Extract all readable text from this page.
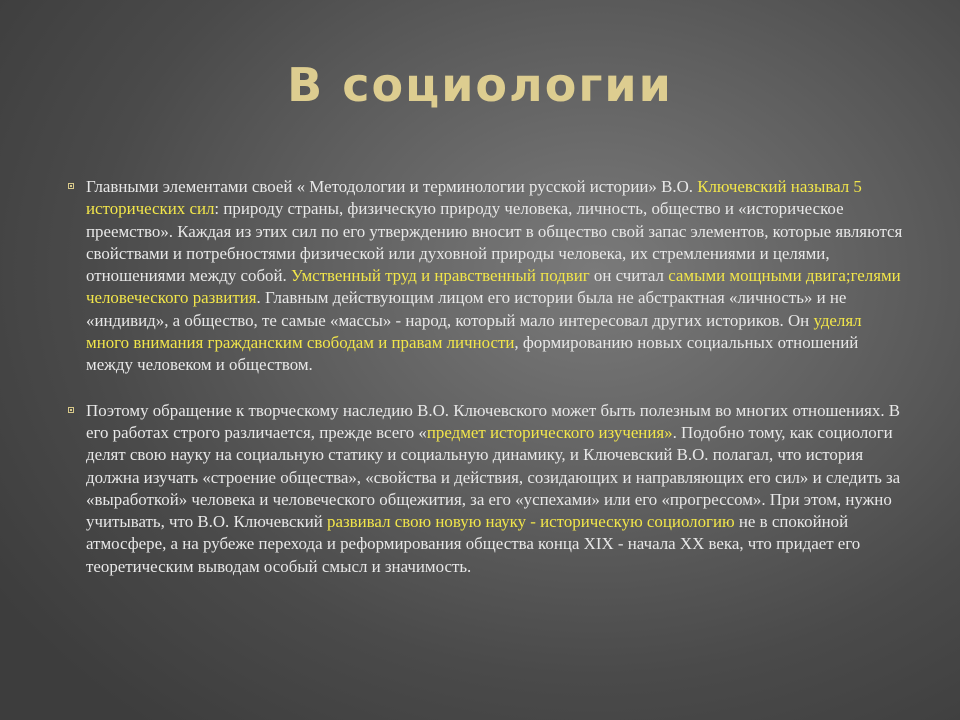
В социологии

Главными элементами своей « Методологии и терминологии русской истории» В.О. Ключевский называл 5 исторических сил: природу страны, физическую природу человека, личность, общество и «историческое преемство». Каждая из этих сил по его утверждению вносит в общество свой запас элементов, которые являются свойствами и потребностями физической или духовной природы человека, их стремлениями и целями, отношениями между собой. Умственный труд и нравственный подвиг он считал самыми мощными двига;гелями человеческого развития. Главным действующим лицом его истории была не абстрактная «личность» и не «индивид», а общество, те самые «массы» - народ, который мало интересовал других историков. Он уделял много внимания гражданским свободам и правам личности, формированию новых социальных отношений между человеком и обществом.

Поэтому обращение к творческому наследию В.О. Ключевского может быть полезным во многих отношениях. В его работах строго различается, прежде всего «предмет исторического изучения». Подобно тому, как социологи делят свою науку на социальную статику и социальную динамику, и Ключевский В.О. полагал, что история должна изучать «строение общества», «свойства и действия, созидающих и направляющих его сил» и следить за «выработкой» человека и человеческого общежития, за его «успехами» или его «прогрессом». При этом, нужно учитывать, что В.О. Ключевский развивал свою новую науку - историческую социологию не в спокойной атмосфере, а на рубеже перехода и реформирования общества конца XIX - начала XX века, что придает его теоретическим выводам особый смысл и значимость.
